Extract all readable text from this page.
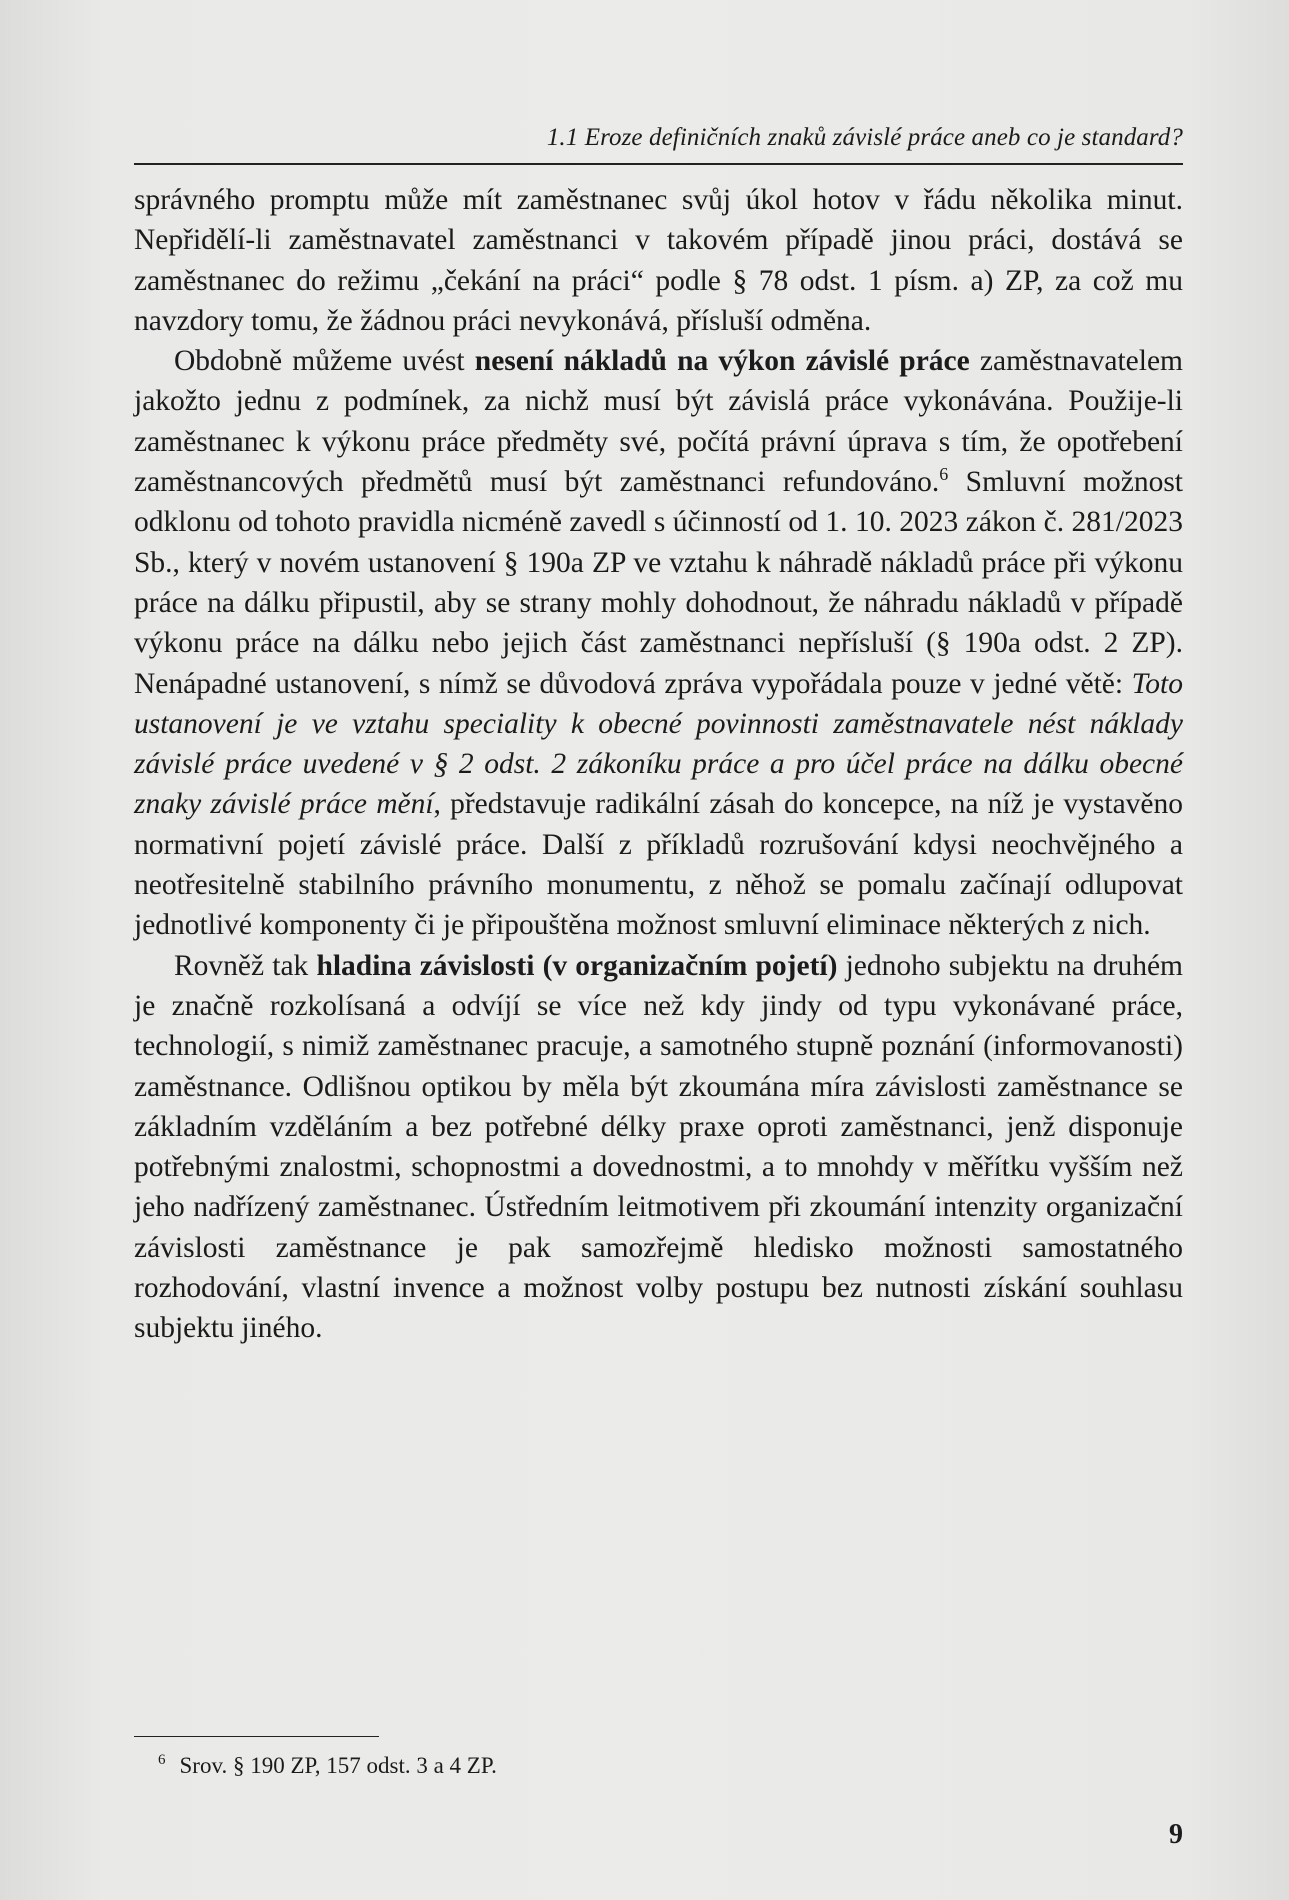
1.1 Eroze definičních znaků závislé práce aneb co je standard?

správného promptu může mít zaměstnanec svůj úkol hotov v řádu několika minut. Nepřidělí-li zaměstnavatel zaměstnanci v takovém případě jinou práci, dostává se zaměstnanec do režimu „čekání na práci“ podle § 78 odst. 1 písm. a) ZP, za což mu navzdory tomu, že žádnou práci nevykonává, přísluší odměna.

Obdobně můžeme uvést nesení nákladů na výkon závislé práce zaměstnavatelem jakožto jednu z podmínek, za nichž musí být závislá práce vykonávána. Použije-li zaměstnanec k výkonu práce předměty své, počítá právní úprava s tím, že opotřebení zaměstnancových předmětů musí být zaměstnanci refundováno.$^6$ Smluvní možnost odklonu od tohoto pravidla nicméně zavedl s účinností od 1. 10. 2023 zákon č. 281/2023 Sb., který v novém ustanovení § 190a ZP ve vztahu k náhradě nákladů práce při výkonu práce na dálku připustil, aby se strany mohly dohodnout, že náhradu nákladů v případě výkonu práce na dálku nebo jejich část zaměstnanci nepřísluší (§ 190a odst. 2 ZP). Nenápadné ustanovení, s nímž se důvodová zpráva vypořádala pouze v jedné větě: Toto ustanovení je ve vztahu speciality k obecné povinnosti zaměstnavatele nést náklady závislé práce uvedené v § 2 odst. 2 zákoníku práce a pro účel práce na dálku obecné znaky závislé práce mění, představuje radikální zásah do koncepce, na níž je vystavěno normativní pojetí závislé práce. Další z příkladů rozrušování kdysi neochvějného a neotřesitelně stabilního právního monumentu, z něhož se pomalu začínají odlupovat jednotlivé komponenty či je připouštěna možnost smluvní eliminace některých z nich.

Rovněž tak hladina závislosti (v organizačním pojetí) jednoho subjektu na druhém je značně rozkolísaná a odvíjí se více než kdy jindy od typu vykonávané práce, technologií, s nimiž zaměstnanec pracuje, a samotného stupně poznání (informovanosti) zaměstnance. Odlišnou optikou by měla být zkoumána míra závislosti zaměstnance se základním vzděláním a bez potřebné délky praxe oproti zaměstnanci, jenž disponuje potřebnými znalostmi, schopnostmi a dovednostmi, a to mnohdy v měřítku vyšším než jeho nadřízený zaměstnanec. Ústředním leitmotivem při zkoumání intenzity organizační závislosti zaměstnance je pak samozřejmě hledisko možnosti samostatného rozhodování, vlastní invence a možnost volby postupu bez nutnosti získání souhlasu subjektu jiného.

$^6$ Srov. § 190 ZP, 157 odst. 3 a 4 ZP.
9
